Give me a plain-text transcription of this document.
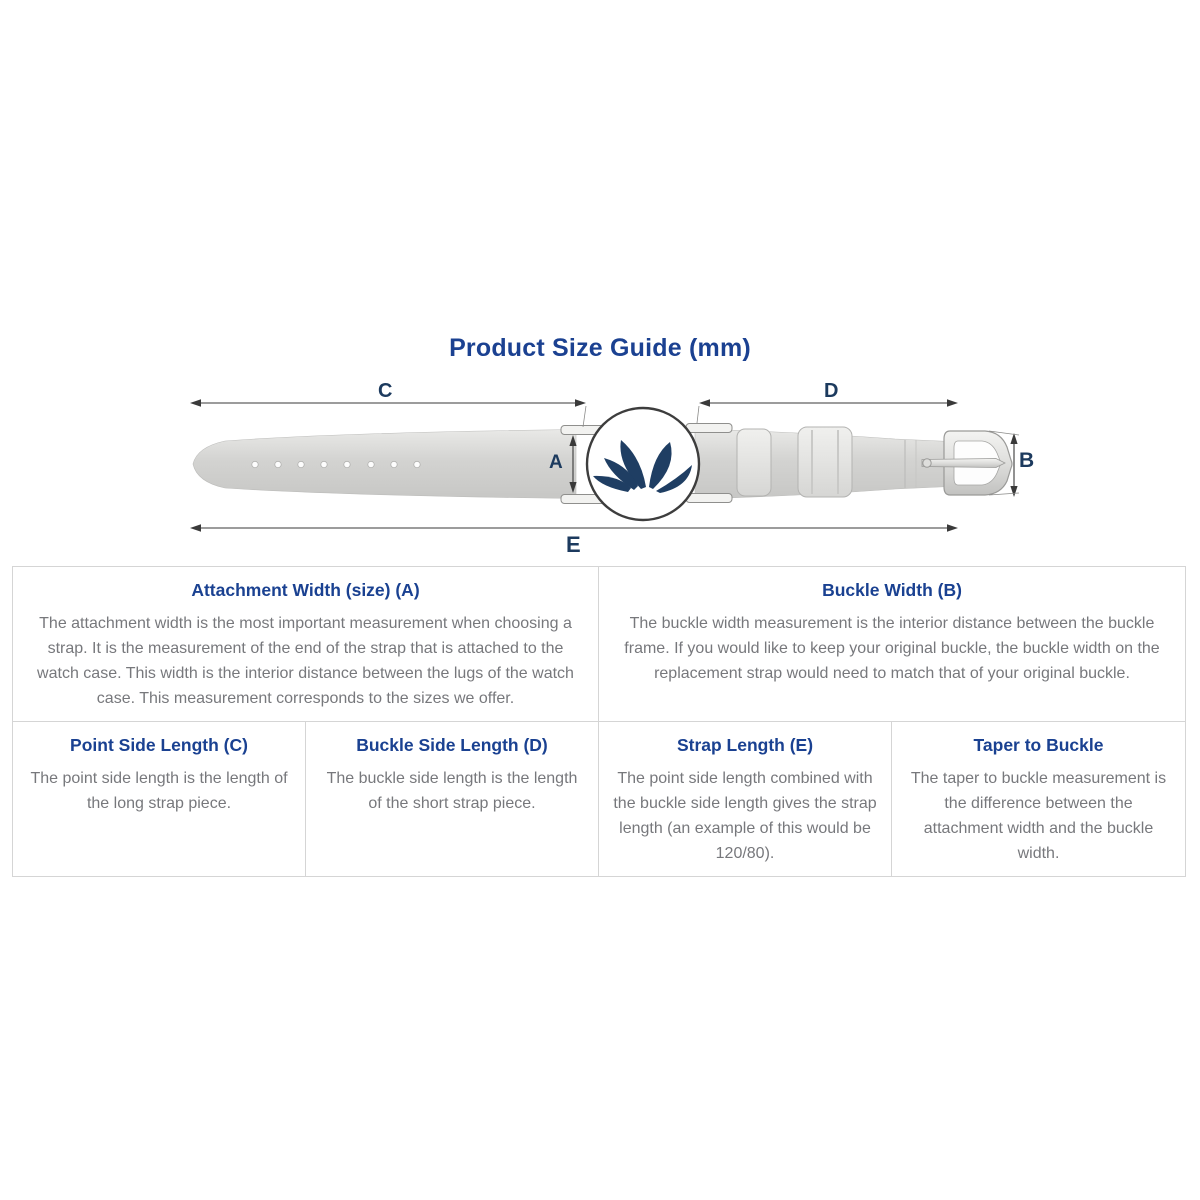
Product Size Guide (mm)
C	D
A	B
E
Attachment Width (size) (A)

The attachment width is the most important measurement when choosing a strap. It is the measurement of the end of the strap that is attached to the watch case. This width is the interior distance between the lugs of the watch case. This measurement corresponds to the sizes we offer.

Buckle Width (B)

The buckle width measurement is the interior distance between the buckle frame. If you would like to keep your original buckle, the buckle width on the replacement strap would need to match that of your original buckle.

Point Side Length (C)

The point side length is the length of the long strap piece.

Buckle Side Length (D)

The buckle side length is the length of the short strap piece.

Strap Length (E)

The point side length combined with the buckle side length gives the strap length (an example of this would be 120/80).

Taper to Buckle

The taper to buckle measurement is the difference between the attachment width and the buckle width.
